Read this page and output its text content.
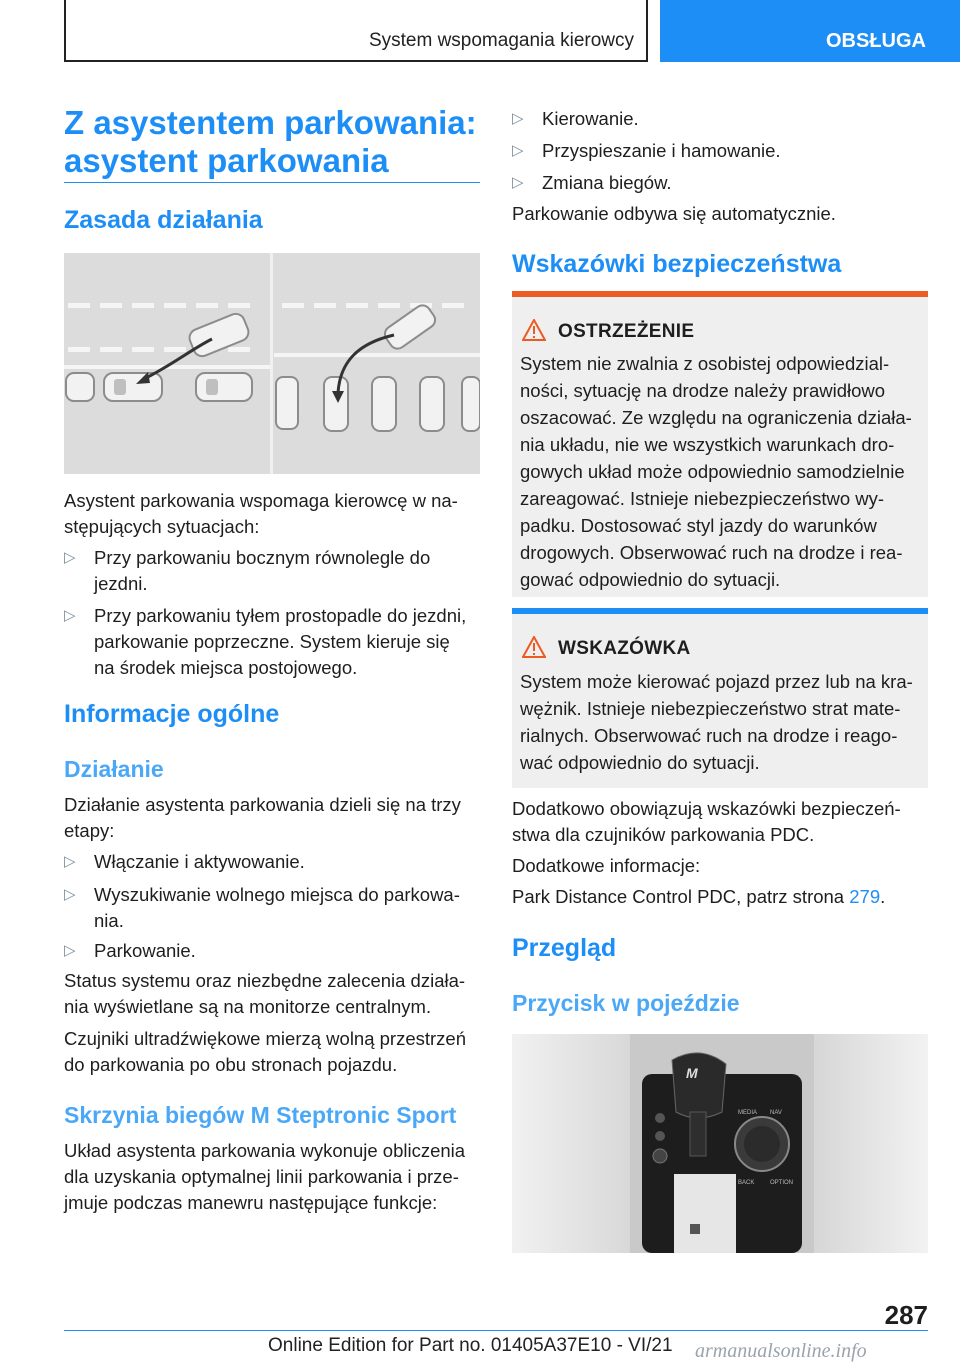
System wspomagania kierowcy	OBSŁUGA
Z asystentem parkowania:
asystent parkowania
Zasada działania
Asystent parkowania wspomaga kierowcę w na-
stępujących sytuacjach:
▷ Przy parkowaniu bocznym równolegle do
jezdni.
▷ Przy parkowaniu tyłem prostopadle do jezdni,
parkowanie poprzeczne. System kieruje się
na środek miejsca postojowego.
Informacje ogólne
Działanie
Działanie asystenta parkowania dzieli się na trzy
etapy:
▷ Włączanie i aktywowanie.
▷ Wyszukiwanie wolnego miejsca do parkowa-
nia.
▷ Parkowanie.
Status systemu oraz niezbędne zalecenia działa-
nia wyświetlane są na monitorze centralnym.
Czujniki ultradźwiękowe mierzą wolną przestrzeń
do parkowania po obu stronach pojazdu.
Skrzynia biegów M Steptronic Sport
Układ asystenta parkowania wykonuje obliczenia
dla uzyskania optymalnej linii parkowania i prze-
jmuje podczas manewru następujące funkcje:
▷ Kierowanie.
▷ Przyspieszanie i hamowanie.
▷ Zmiana biegów.
Parkowanie odbywa się automatycznie.
Wskazówki bezpieczeństwa
OSTRZEŻENIE
System nie zwalnia z osobistej odpowiedzial-
ności, sytuację na drodze należy prawidłowo
oszacować. Ze względu na ograniczenia działa-
nia układu, nie we wszystkich warunkach dro-
gowych układ może odpowiednio samodzielnie
zareagować. Istnieje niebezpieczeństwo wy-
padku. Dostosować styl jazdy do warunków
drogowych. Obserwować ruch na drodze i rea-
gować odpowiednio do sytuacji.
WSKAZÓWKA
System może kierować pojazd przez lub na kra-
wężnik. Istnieje niebezpieczeństwo strat mate-
rialnych. Obserwować ruch na drodze i reago-
wać odpowiednio do sytuacji.
Dodatkowo obowiązują wskazówki bezpieczeń-
stwa dla czujników parkowania PDC.
Dodatkowe informacje:
Park Distance Control PDC, patrz strona 279.
Przegląd
Przycisk w pojeździe
M
MEDIA NAV
BACK	OPTION
287
Online Edition for Part no. 01405A37E10 - VI/21 armanualsonline.info
